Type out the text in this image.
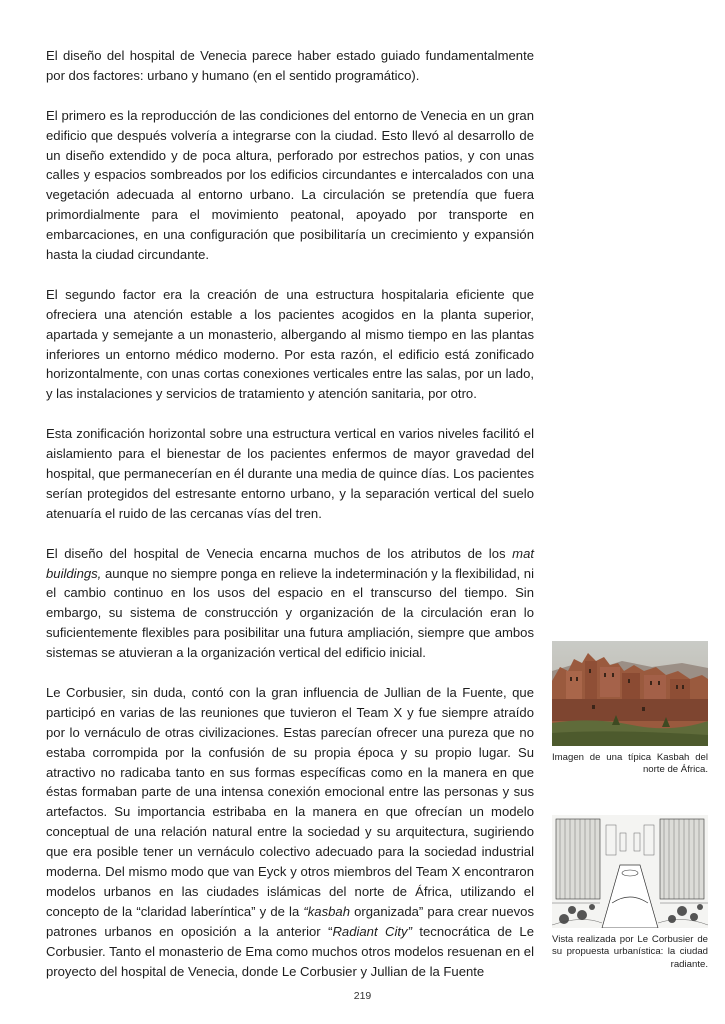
El diseño del hospital de Venecia parece haber estado guiado fundamentalmente por dos factores: urbano y humano (en el sentido programático).

El primero es la reproducción de las condiciones del entorno de Venecia en un gran edificio que después volvería a integrarse con la ciudad. Esto llevó al desarrollo de un diseño extendido y de poca altura, perforado por estrechos patios, y con unas calles y espacios sombreados por los edificios circundantes e intercalados con una vegetación adecuada al entorno urbano. La circulación se pretendía que fuera primordialmente para el movimiento peatonal, apoyado por transporte en embarcaciones, en una configuración que posibilitaría un crecimiento y expansión hasta la ciudad circundante.

El segundo factor era la creación de una estructura hospitalaria eficiente que ofreciera una atención estable a los pacientes acogidos en la planta superior, apartada y semejante a un monasterio, albergando al mismo tiempo en las plantas inferiores un entorno médico moderno. Por esta razón, el edificio está zonificado horizontalmente, con unas cortas conexiones verticales entre las salas, por un lado, y las instalaciones y servicios de tratamiento y atención sanitaria, por otro.

Esta zonificación horizontal sobre una estructura vertical en varios niveles facilitó el aislamiento para el bienestar de los pacientes enfermos de mayor gravedad del hospital, que permanecerían en él durante una media de quince días. Los pacientes serían protegidos del estresante entorno urbano, y la separación vertical del suelo atenuaría el ruido de las cercanas vías del tren.

El diseño del hospital de Venecia encarna muchos de los atributos de los mat buildings, aunque no siempre ponga en relieve la indeterminación y la flexibilidad, ni el cambio continuo en los usos del espacio en el transcurso del tiempo. Sin embargo, su sistema de construcción y organización de la circulación eran lo suficientemente flexibles para posibilitar una futura ampliación, siempre que ambos sistemas se atuvieran a la organización vertical del edificio inicial.

Le Corbusier, sin duda, contó con la gran influencia de Jullian de la Fuente, que participó en varias de las reuniones que tuvieron el Team X y fue siempre atraído por lo vernáculo de otras civilizaciones. Estas parecían ofrecer una pureza que no estaba corrompida por la confusión de su propia época y su propio lugar. Su atractivo no radicaba tanto en sus formas específicas como en la manera en que éstas formaban parte de una intensa conexión emocional entre las personas y sus artefactos. Su importancia estribaba en la manera en que ofrecían un modelo conceptual de una relación natural entre la sociedad y su arquitectura, sugiriendo que era posible tener un vernáculo colectivo adecuado para la sociedad industrial moderna. Del mismo modo que van Eyck y otros miembros del Team X encontraron modelos urbanos en las ciudades islámicas del norte de África, utilizando el concepto de la “claridad laberíntica” y de la “kasbah organizada” para crear nuevos patrones urbanos en oposición a la anterior “Radiant City” tecnocrática de Le Corbusier. Tanto el monasterio de Ema como muchos otros modelos resuenan en el proyecto del hospital de Venecia, donde Le Corbusier y Jullian de la Fuente

Imagen de una típica Kasbah del norte de África.
Vista realizada por Le Corbusier de su propuesta urbanística: la ciudad radiante.
219
